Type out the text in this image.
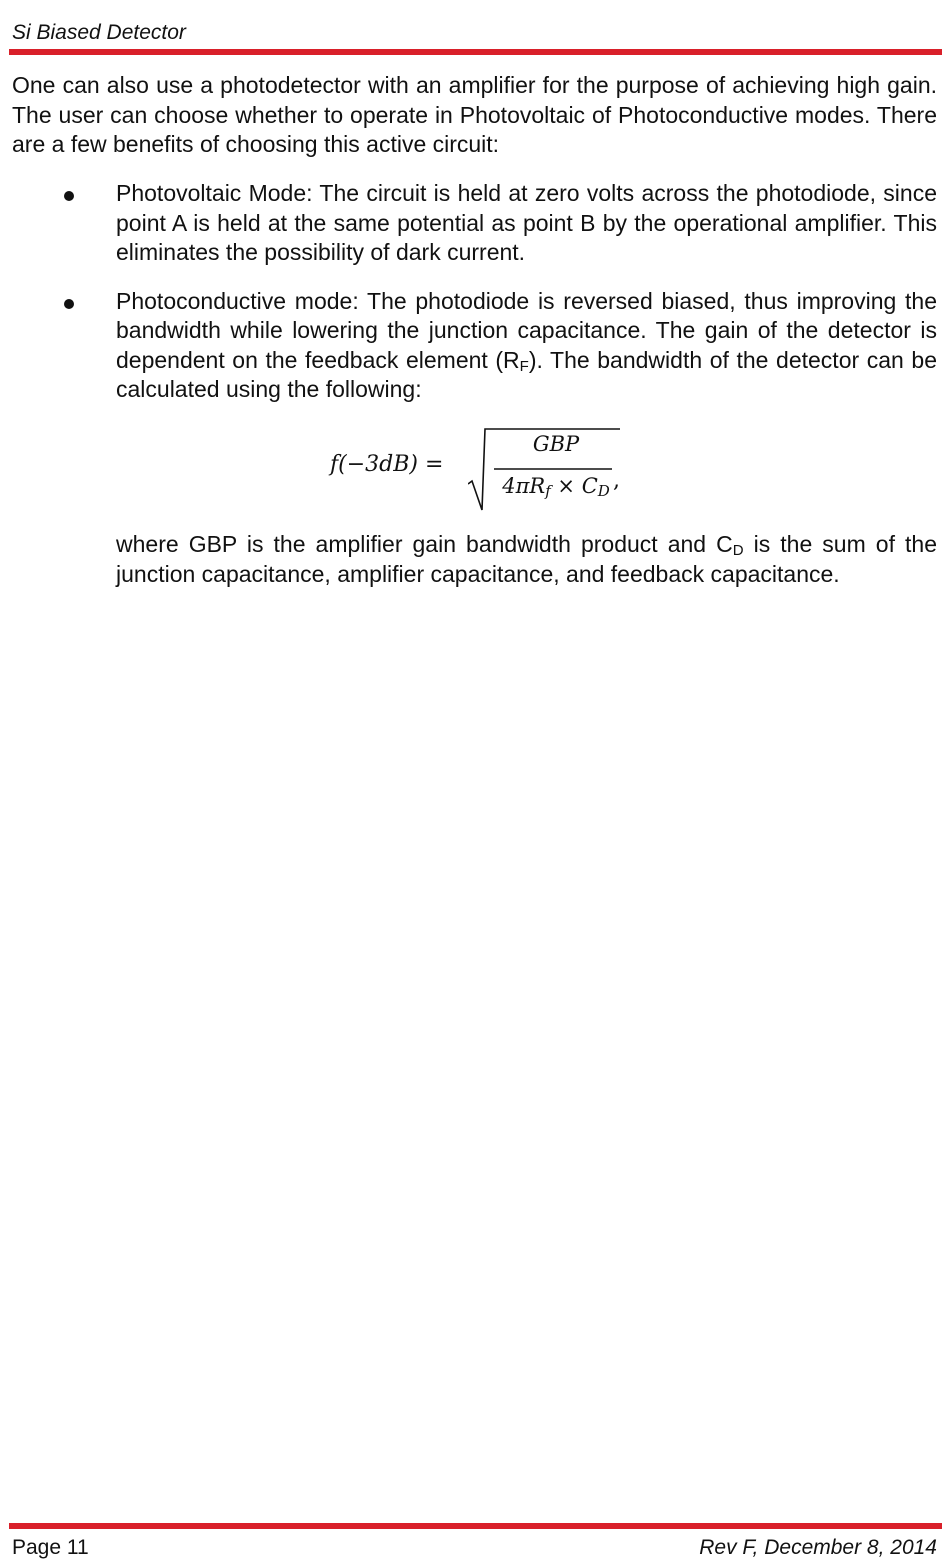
Si Biased Detector

One can also use a photodetector with an amplifier for the purpose of achieving high gain. The user can choose whether to operate in Photovoltaic of Photoconductive modes. There are a few benefits of choosing this active circuit:

Photovoltaic Mode: The circuit is held at zero volts across the photodiode, since point A is held at the same potential as point B by the operational amplifier. This eliminates the possibility of dark current.
Photoconductive mode: The photodiode is reversed biased, thus improving the bandwidth while lowering the junction capacitance. The gain of the detector is dependent on the feedback element $(R_F)$. The bandwidth of the detector can be calculated using the following:
f(−3dB) =
GBP
$4\pi R_f \times C_D$ ,

where GBP is the amplifier gain bandwidth product and $C_D$ is the sum of the junction capacitance, amplifier capacitance, and feedback capacitance.

Page 11	Rev F, December 8, 2014
